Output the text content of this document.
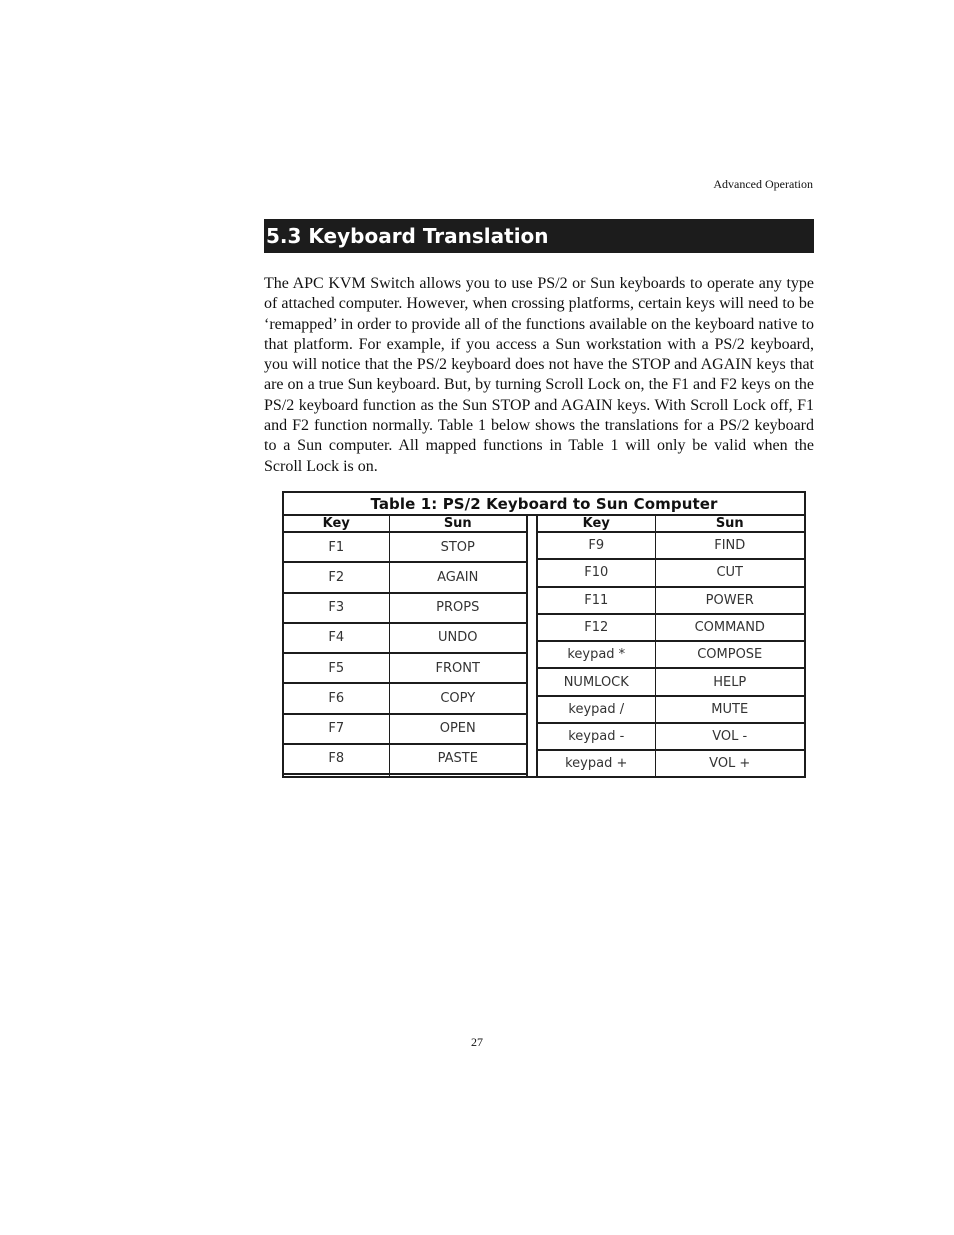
Advanced Operation
5.3 Keyboard Translation

The APC KVM Switch allows you to use PS/2 or Sun keyboards to operate any type of attached computer. However, when crossing platforms, certain keys will need to be ‘remapped’ in order to provide all of the functions available on the keyboard native to that platform. For example, if you access a Sun workstation with a PS/2 keyboard, you will notice that the PS/2 keyboard does not have the STOP and AGAIN keys that are on a true Sun keyboard. But, by turning Scroll Lock on, the F1 and F2 keys on the PS/2 keyboard function as the Sun STOP and AGAIN keys. With Scroll Lock off, F1 and F2 function normally. Table 1 below shows the translations for a PS/2 keyboard to a Sun computer. All mapped functions in Table 1 will only be valid when the Scroll Lock is on.

Table 1: PS/2 Keyboard to Sun Computer
Key	Sun
F1	STOP
F2	AGAIN
F3	PROPS
F4	UNDO
F5	FRONT
F6	COPY
F7	OPEN
F8	PASTE

Key	Sun
F9	FIND
F10	CUT
F11	POWER
F12	COMMAND
keypad *	COMPOSE
NUMLOCK	HELP
keypad /	MUTE
keypad -	VOL -
keypad +	VOL +
27
